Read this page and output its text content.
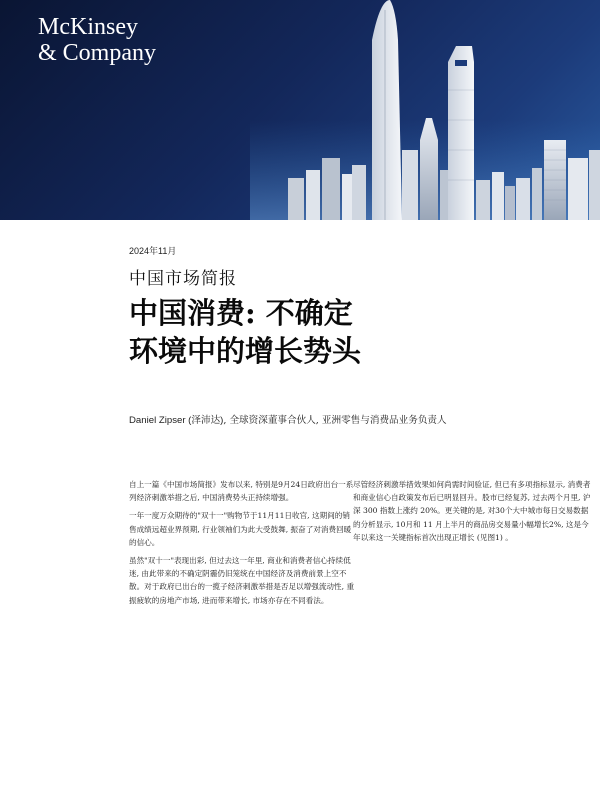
McKinsey
& Company
2024年11月
中国市场简报
中国消费: 不确定
环境中的增长势头
Daniel Zipser (泽沛达), 全球资深董事合伙人, 亚洲零售与消费品业务负责人

自上一篇《中国市场简报》发布以来, 特别是9月24日政府出台一系列经济刺激举措之后, 中国消费势头正持续增强。

一年一度万众期待的"双十一"购物节于11月11日收官, 这期间的销售成绩远超业界预期, 行业领袖们为此大受鼓舞, 振奋了对消费回暖的信心。

虽然"双十一"表现出彩, 但过去这一年里, 商业和消费者信心持续低迷, 由此带来的不确定阴霾仍旧笼统在中国经济及消费前景上空不散。对于政府已出台的一揽子经济刺激举措是否足以增强流动性, 重振疲软的房地产市场, 进而带来增长, 市场亦存在不同看法。

尽管经济刺激举措效果如何尚需时间验证, 但已有多项指标显示, 消费者和商业信心自政策发布后已明显回升。股市已经复苏, 过去两个月里, 沪深 300 指数上涨约 20%。更关键的是, 对30个大中城市每日交易数据的分析显示, 10月和 11 月上半月的商品房交易量小幅增长2%, 这是今年以来这一关键指标首次出现正增长 (见图1) 。
